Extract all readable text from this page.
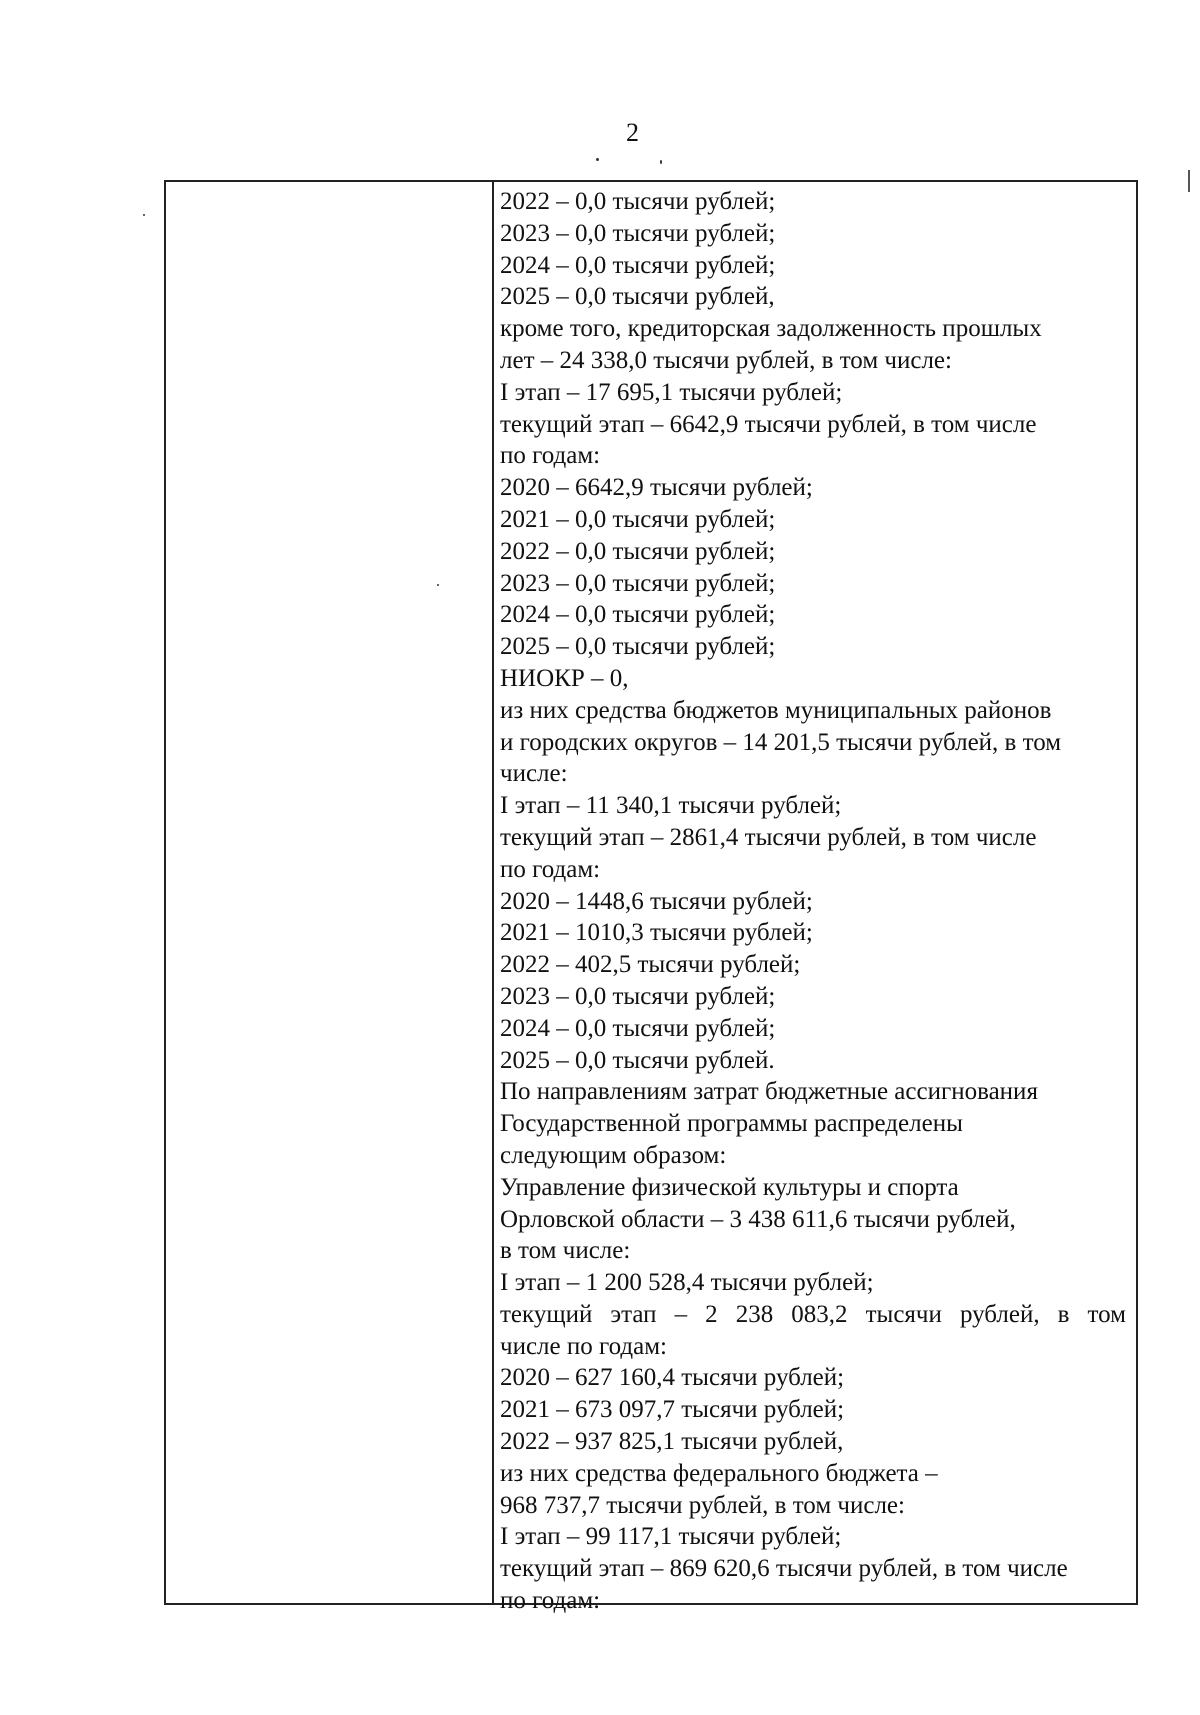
2
2022 – 0,0 тысячи рублей;
2023 – 0,0 тысячи рублей;
2024 – 0,0 тысячи рублей;
2025 – 0,0 тысячи рублей,
кроме того, кредиторская задолженность прошлых
лет – 24 338,0 тысячи рублей, в том числе:
I этап – 17 695,1 тысячи рублей;
текущий этап – 6642,9 тысячи рублей, в том числе
по годам:
2020 – 6642,9 тысячи рублей;
2021 – 0,0 тысячи рублей;
2022 – 0,0 тысячи рублей;
2023 – 0,0 тысячи рублей;
2024 – 0,0 тысячи рублей;
2025 – 0,0 тысячи рублей;
НИОКР – 0,
из них средства бюджетов муниципальных районов
и городских округов – 14 201,5 тысячи рублей, в том
числе:
I этап – 11 340,1 тысячи рублей;
текущий этап – 2861,4 тысячи рублей, в том числе
по годам:
2020 – 1448,6 тысячи рублей;
2021 – 1010,3 тысячи рублей;
2022 – 402,5 тысячи рублей;
2023 – 0,0 тысячи рублей;
2024 – 0,0 тысячи рублей;
2025 – 0,0 тысячи рублей.
По направлениям затрат бюджетные ассигнования
Государственной программы распределены
следующим образом:
Управление физической культуры и спорта
Орловской области – 3 438 611,6 тысячи рублей,
в том числе:
I этап – 1 200 528,4 тысячи рублей;
текущий этап – 2 238 083,2 тысячи рублей, в том
числе по годам:
2020 – 627 160,4 тысячи рублей;
2021 – 673 097,7 тысячи рублей;
2022 – 937 825,1 тысячи рублей,
из них средства федерального бюджета –
968 737,7 тысячи рублей, в том числе:
I этап – 99 117,1 тысячи рублей;
текущий этап – 869 620,6 тысячи рублей, в том числе
по годам:
